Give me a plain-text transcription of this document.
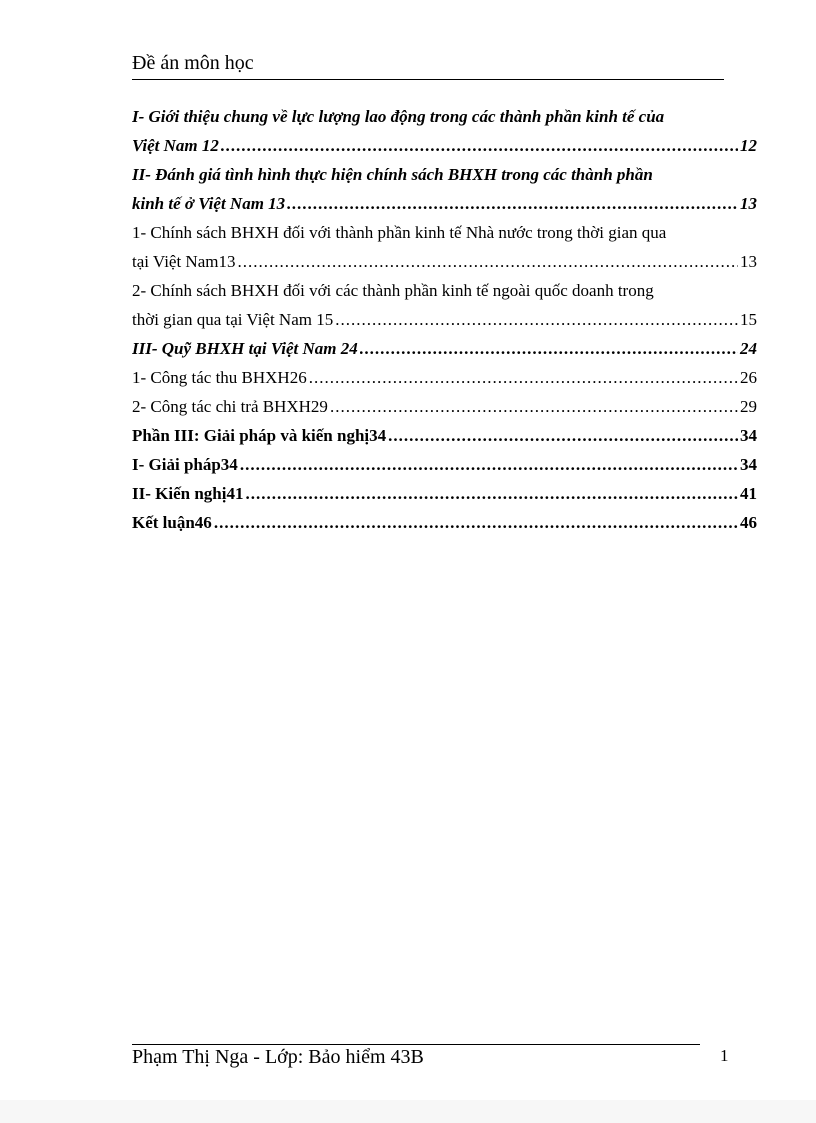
Đề án môn học
I- Giới thiệu chung về lực lượng lao động trong các thành phần kinh tế của
Việt Nam 12 .....	12
II- Đánh giá tình hình thực hiện chính sách BHXH trong các thành phần
kinh tế ở Việt Nam 13 .....	13
1- Chính sách BHXH đối với thành phần kinh tế Nhà nước trong thời gian qua
tại Việt Nam13 .....	13
2- Chính sách BHXH đối với các thành phần kinh tế ngoài quốc doanh trong
thời gian qua tại Việt Nam 15 .....	15
III- Quỹ BHXH tại Việt Nam 24 .....	24
1- Công tác thu BHXH26 .....	26
2- Công tác chi trả BHXH29 .....	29
Phần III: Giải pháp và kiến nghị34 .....	34
I- Giải pháp34 .....	34
II- Kiến nghị41 .....	41
Kết luận46 .....	46
Phạm Thị Nga - Lớp: Bảo hiểm 43B	1
